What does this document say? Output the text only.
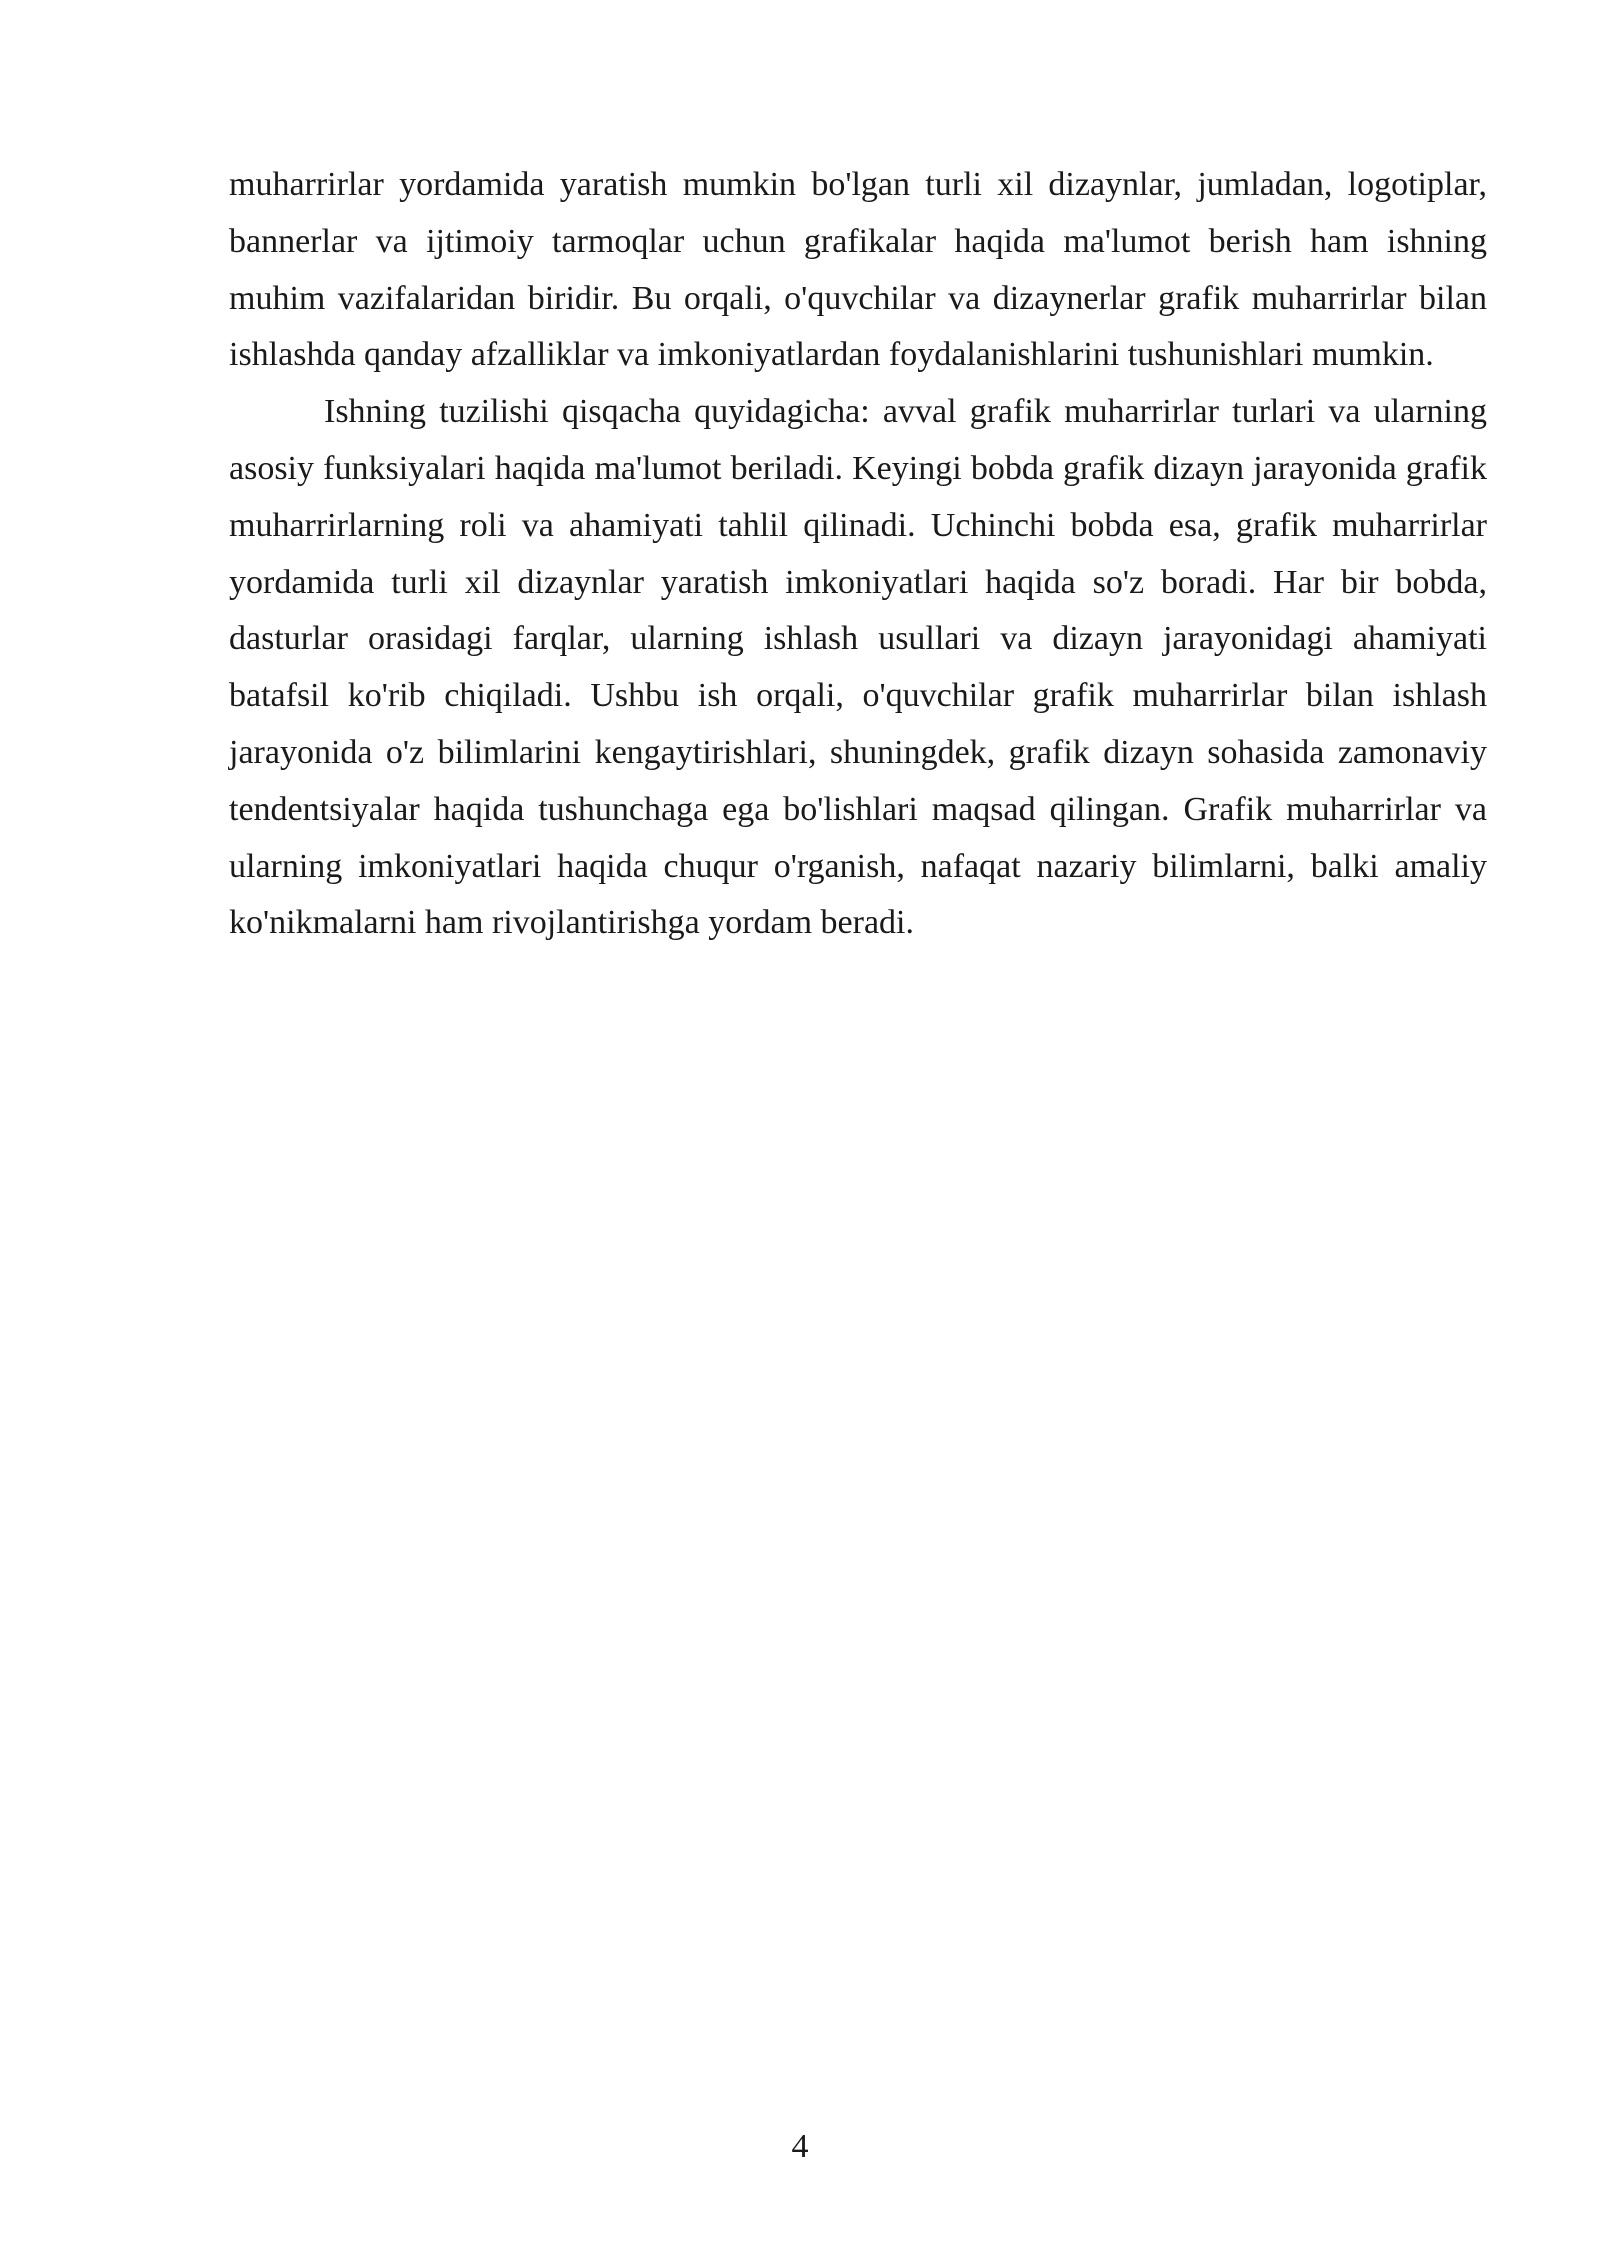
muharrirlar yordamida yaratish mumkin bo'lgan turli xil dizaynlar, jumladan, logotiplar, bannerlar va ijtimoiy tarmoqlar uchun grafikalar haqida ma'lumot berish ham ishning muhim vazifalaridan biridir. Bu orqali, o'quvchilar va dizaynerlar grafik muharrirlar bilan ishlashda qanday afzalliklar va imkoniyatlardan foydalanishlarini tushunishlari mumkin.

Ishning tuzilishi qisqacha quyidagicha: avval grafik muharrirlar turlari va ularning asosiy funksiyalari haqida ma'lumot beriladi. Keyingi bobda grafik dizayn jarayonida grafik muharrirlarning roli va ahamiyati tahlil qilinadi. Uchinchi bobda esa, grafik muharrirlar yordamida turli xil dizaynlar yaratish imkoniyatlari haqida so'z boradi. Har bir bobda, dasturlar orasidagi farqlar, ularning ishlash usullari va dizayn jarayonidagi ahamiyati batafsil ko'rib chiqiladi. Ushbu ish orqali, o'quvchilar grafik muharrirlar bilan ishlash jarayonida o'z bilimlarini kengaytirishlari, shuningdek, grafik dizayn sohasida zamonaviy tendentsiyalar haqida tushunchaga ega bo'lishlari maqsad qilingan. Grafik muharrirlar va ularning imkoniyatlari haqida chuqur o'rganish, nafaqat nazariy bilimlarni, balki amaliy ko'nikmalarni ham rivojlantirishga yordam beradi.

4
